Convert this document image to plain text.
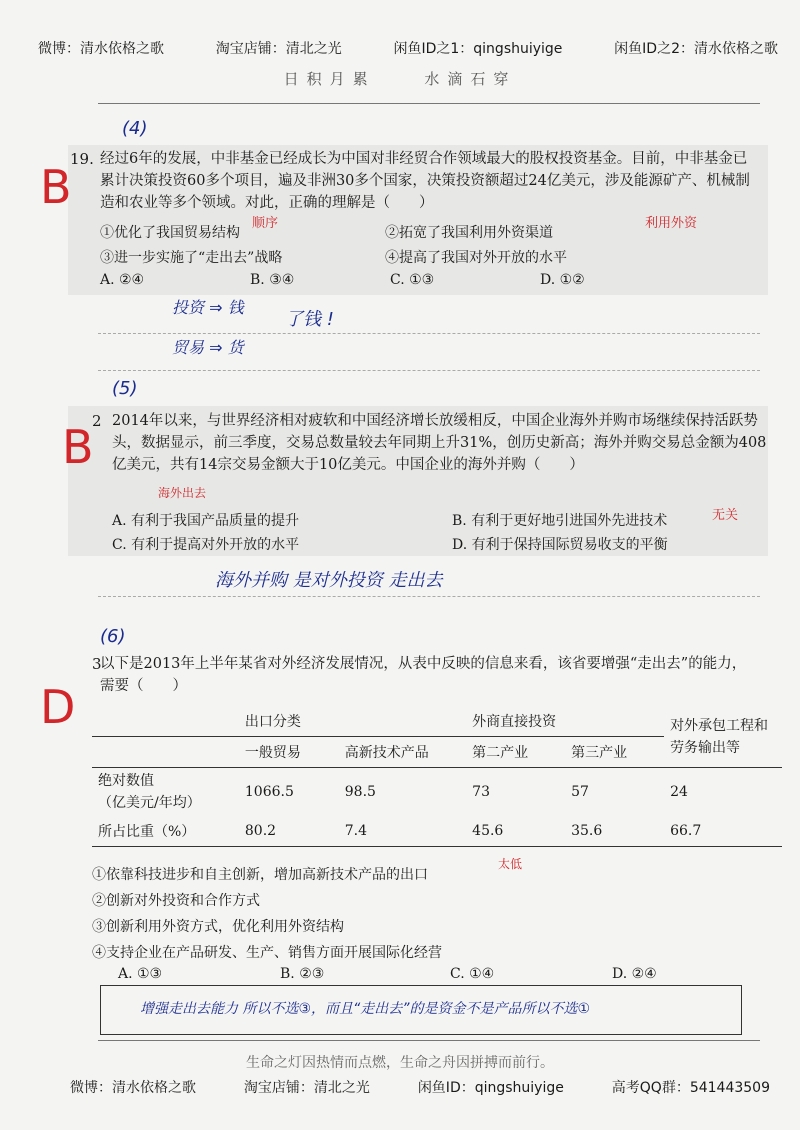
微博：清水依格之歌	淘宝店铺：清北之光	闲鱼ID之1：qingshuiyige	闲鱼ID之2：清水依格之歌
日积月累	水滴石穿
(4)
19. 经过6年的发展，中非基金已经成长为中国对非经贸合作领域最大的股权投资基金。目前，中非基金已累计决策投资60多个项目，遍及非洲30多个国家，决策投资额超过24亿美元，涉及能源矿产、机械制造和农业等多个领域。对此，正确的理解是（　　）
①优化了我国贸易结构	②拓宽了我国利用外资渠道
③进一步实施了“走出去”战略	④提高了我国对外开放的水平
A. ②④	B. ③④	C. ①③	D. ①②
B
顺序	利用外资
投资 ⇒ 钱
贸易 ⇒ 货
了钱 !
(5)
2 2014年以来，与世界经济相对疲软和中国经济增长放缓相反，中国企业海外并购市场继续保持活跃势头，数据显示，前三季度，交易总数量较去年同期上升31%，创历史新高；海外并购交易总金额为408亿美元，共有14宗交易金额大于10亿美元。中国企业的海外并购（　　）
A. 有利于我国产品质量的提升	B. 有利于更好地引进国外先进技术
C. 有利于提高对外开放的水平	D. 有利于保持国际贸易收支的平衡
B
海外出去
无关
海外并购 是对外投资 走出去
(6)
3
以下是2013年上半年某省对外经济发展情况，从表中反映的信息来看，该省要增强“走出去”的能力，需要（　　）
D
太低
	出口分类		外商直接投资		对外承包工程和劳务输出等
	一般贸易	高新技术产品	第二产业	第三产业	

绝对数值
（亿美元/年均）	1066.5	98.5	73	57	24
所占比重（%）	80.2	7.4	45.6	35.6	66.7
①依靠科技进步和自主创新，增加高新技术产品的出口
②创新对外投资和合作方式
③创新利用外资方式，优化利用外资结构
④支持企业在产品研发、生产、销售方面开展国际化经营
A. ①③	B. ②③	C. ①④	D. ②④
增强走出去能力 所以不选③，而且“走出去”的是资金不是产品所以不选①
生命之灯因热情而点燃，生命之舟因拼搏而前行。
微博：清水依格之歌	淘宝店铺：清北之光	闲鱼ID：qingshuiyige	高考QQ群：541443509
